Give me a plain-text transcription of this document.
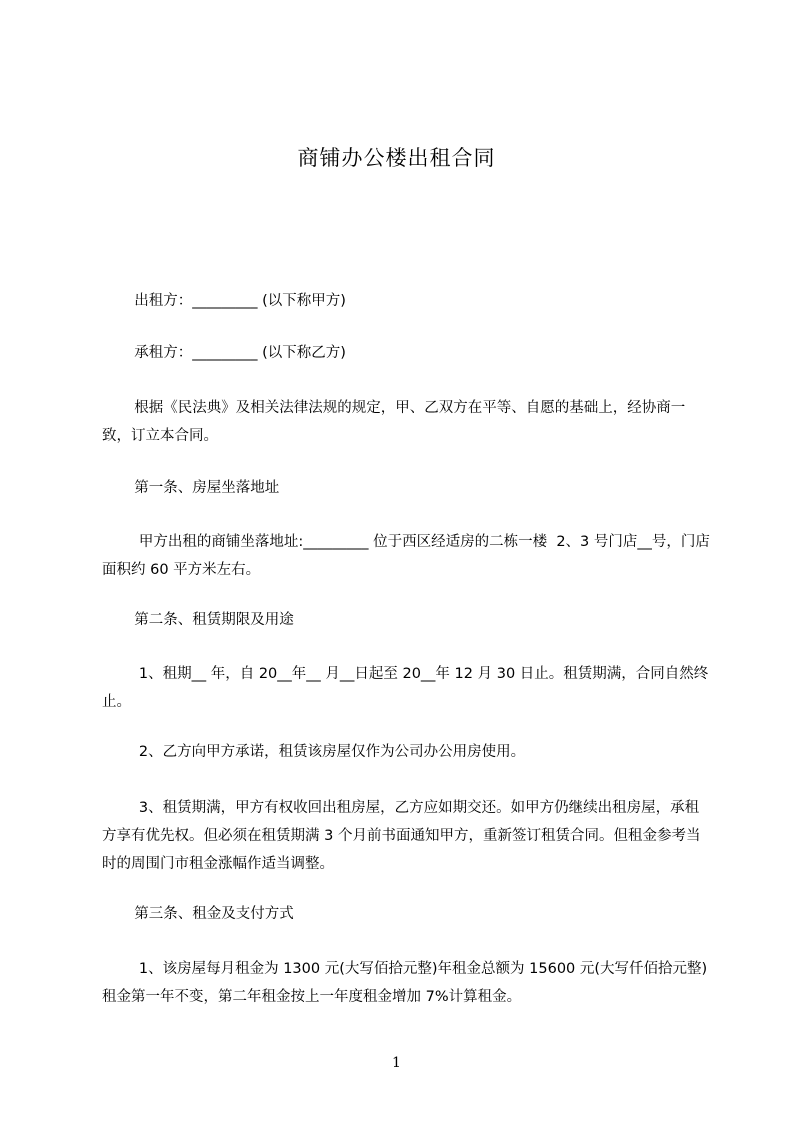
商铺办公楼出租合同
出租方：_________ (以下称甲方)
承租方：_________ (以下称乙方)
根据《民法典》及相关法律法规的规定，甲、乙双方在平等、自愿的基础上，经协商一致，订立本合同。
第一条、房屋坐落地址
甲方出租的商铺坐落地址:_________ 位于西区经适房的二栋一楼  2、3 号门店__号，门店面积约 60 平方米左右。
第二条、租赁期限及用途
1、租期__ 年，自 20__年__ 月__日起至 20__年 12 月 30 日止。租赁期满，合同自然终止。
2、乙方向甲方承诺，租赁该房屋仅作为公司办公用房使用。
3、租赁期满，甲方有权收回出租房屋，乙方应如期交还。如甲方仍继续出租房屋，承租方享有优先权。但必须在租赁期满 3 个月前书面通知甲方，重新签订租赁合同。但租金参考当时的周围门市租金涨幅作适当调整。
第三条、租金及支付方式
1、该房屋每月租金为 1300 元(大写佰拾元整)年租金总额为 15600 元(大写仟佰拾元整)租金第一年不变，第二年租金按上一年度租金增加 7%计算租金。
1
